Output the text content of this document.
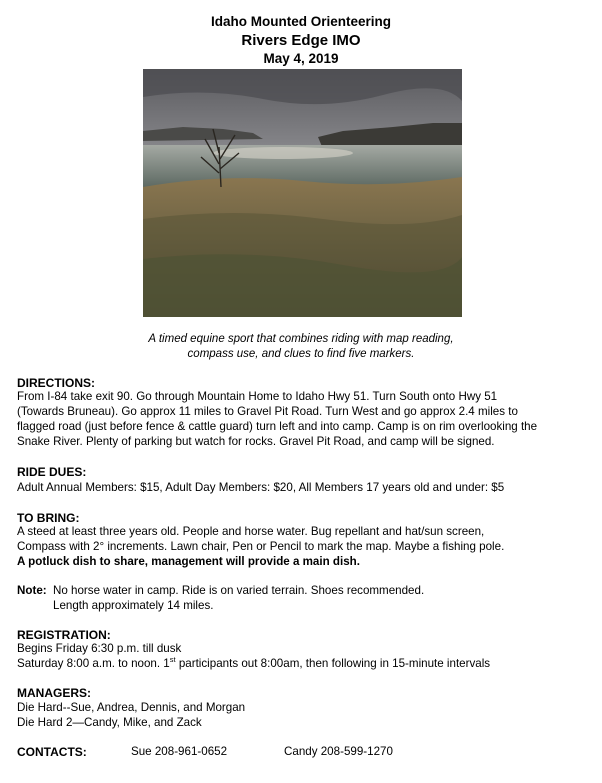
Idaho Mounted Orienteering
Rivers Edge IMO
May 4, 2019
A timed equine sport that combines riding with map reading,
compass use, and clues to find five markers.
DIRECTIONS:
From I-84 take exit 90. Go through Mountain Home to Idaho Hwy 51. Turn South onto Hwy 51
(Towards Bruneau). Go approx 11 miles to Gravel Pit Road. Turn West and go approx 2.4 miles to
flagged road (just before fence & cattle guard) turn left and into camp. Camp is on rim overlooking the
Snake River. Plenty of parking but watch for rocks. Gravel Pit Road, and camp will be signed.
RIDE DUES:
Adult Annual Members: $15, Adult Day Members: $20, All Members 17 years old and under: $5
TO BRING:
A steed at least three years old. People and horse water. Bug repellant and hat/sun screen,
Compass with 2° increments. Lawn chair, Pen or Pencil to mark the map. Maybe a fishing pole.
A potluck dish to share, management will provide a main dish.
Note: No horse water in camp. Ride is on varied terrain. Shoes recommended.
Length approximately 14 miles.
REGISTRATION:
Begins Friday 6:30 p.m. till dusk
Saturday 8:00 a.m. to noon. 1st participants out 8:00am, then following in 15-minute intervals
MANAGERS:
Die Hard--Sue, Andrea, Dennis, and Morgan
Die Hard 2—Candy, Mike, and Zack
CONTACTS:	Sue 208-961-0652	Candy 208-599-1270
